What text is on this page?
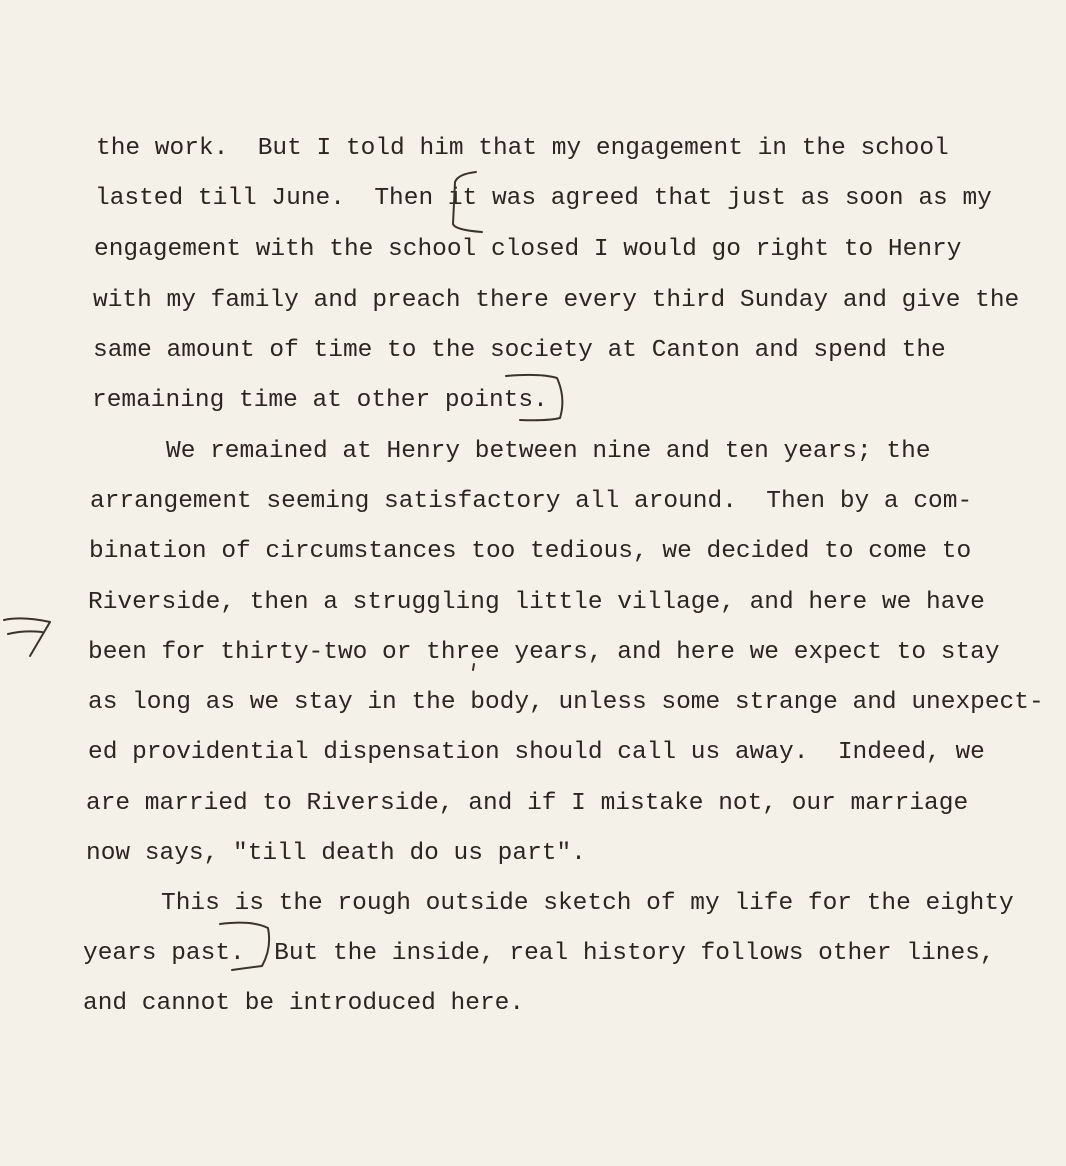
the work.  But I told him that my engagement in the school
lasted till June.  Then it was agreed that just as soon as my
engagement with the school closed I would go right to Henry
with my family and preach there every third Sunday and give the
same amount of time to the society at Canton and spend the
remaining time at other points.
We remained at Henry between nine and ten years; the
arrangement seeming satisfactory all around.  Then by a com-
bination of circumstances too tedious, we decided to come to
Riverside, then a struggling little village, and here we have
been for thirty-two or three years, and here we expect to stay
as long as we stay in the body, unless some strange and unexpect-
ed providential dispensation should call us away.  Indeed, we
are married to Riverside, and if I mistake not, our marriage
now says, "till death do us part".
This is the rough outside sketch of my life for the eighty
years past.  But the inside, real history follows other lines,
and cannot be introduced here.
